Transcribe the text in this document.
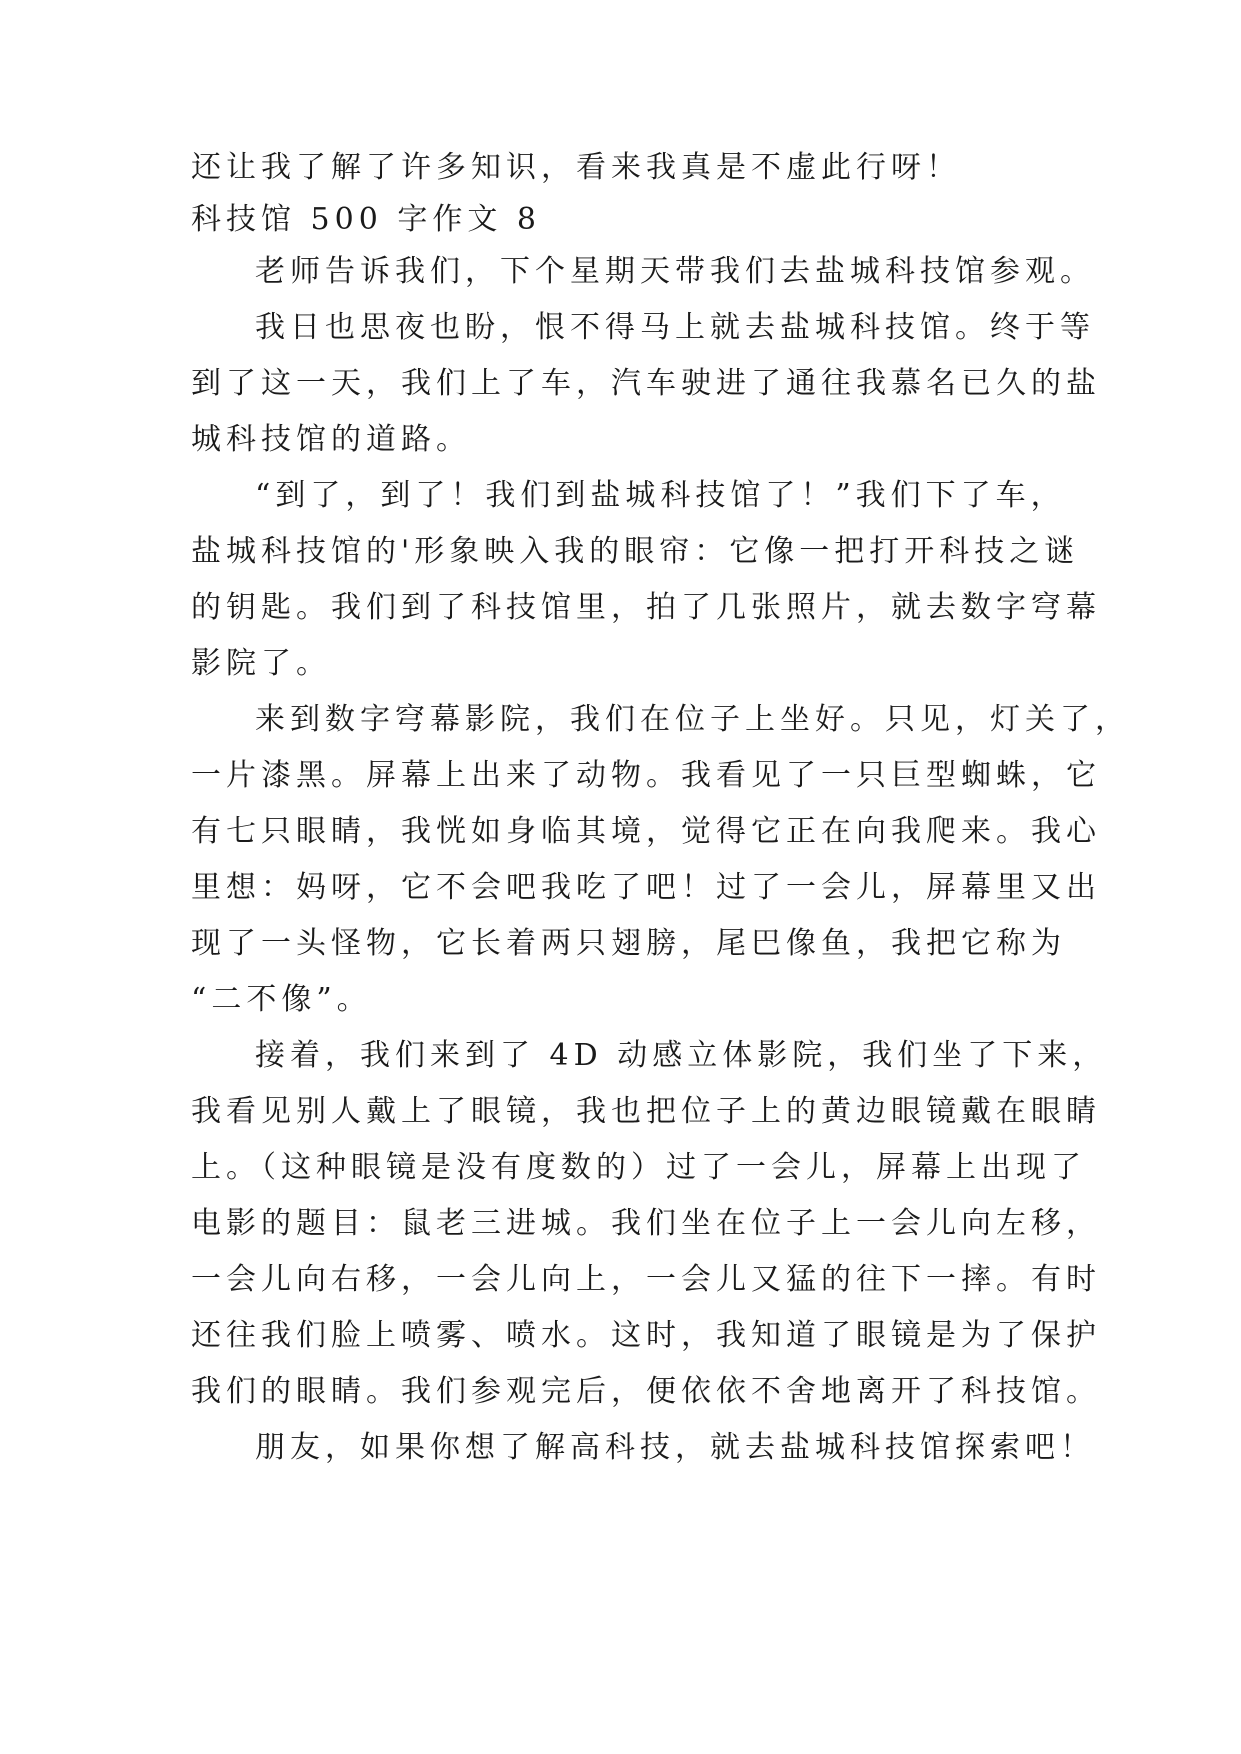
还让我了解了许多知识，看来我真是不虚此行呀！
科技馆 500 字作文 8
老师告诉我们，下个星期天带我们去盐城科技馆参观。
我日也思夜也盼，恨不得马上就去盐城科技馆。终于等
到了这一天，我们上了车，汽车驶进了通往我慕名已久的盐
城科技馆的道路。
“到了，到了！我们到盐城科技馆了！”我们下了车，
盐城科技馆的'形象映入我的眼帘：它像一把打开科技之谜
的钥匙。我们到了科技馆里，拍了几张照片，就去数字穹幕
影院了。
来到数字穹幕影院，我们在位子上坐好。只见，灯关了，
一片漆黑。屏幕上出来了动物。我看见了一只巨型蜘蛛，它
有七只眼睛，我恍如身临其境，觉得它正在向我爬来。我心
里想：妈呀，它不会吧我吃了吧！过了一会儿，屏幕里又出
现了一头怪物，它长着两只翅膀，尾巴像鱼，我把它称为
“二不像”。
接着，我们来到了 4D 动感立体影院，我们坐了下来，
我看见别人戴上了眼镜，我也把位子上的黄边眼镜戴在眼睛
上。（这种眼镜是没有度数的）过了一会儿，屏幕上出现了
电影的题目：鼠老三进城。我们坐在位子上一会儿向左移，
一会儿向右移，一会儿向上，一会儿又猛的往下一摔。有时
还往我们脸上喷雾、喷水。这时，我知道了眼镜是为了保护
我们的眼睛。我们参观完后，便依依不舍地离开了科技馆。
朋友，如果你想了解高科技，就去盐城科技馆探索吧！
